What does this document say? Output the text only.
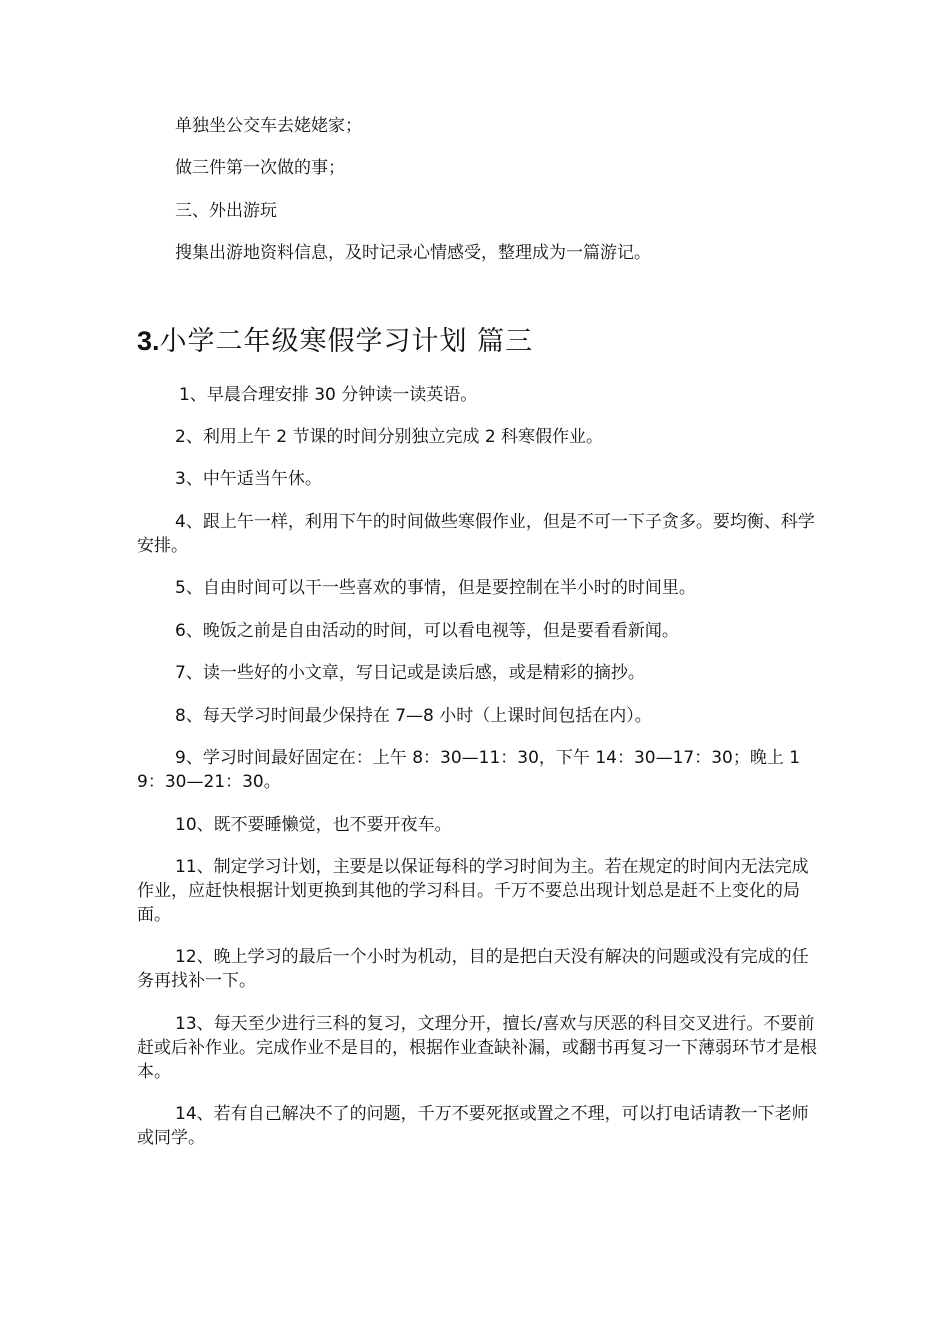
单独坐公交车去姥姥家；

做三件第一次做的事；

三、外出游玩

搜集出游地资料信息，及时记录心情感受，整理成为一篇游记。

3.小学二年级寒假学习计划 篇三

1、早晨合理安排 30 分钟读一读英语。

2、利用上午 2 节课的时间分别独立完成 2 科寒假作业。

3、中午适当午休。

4、跟上午一样，利用下午的时间做些寒假作业，但是不可一下子贪多。要均衡、科学安排。

5、自由时间可以干一些喜欢的事情，但是要控制在半小时的时间里。

6、晚饭之前是自由活动的时间，可以看电视等，但是要看看新闻。

7、读一些好的小文章，写日记或是读后感，或是精彩的摘抄。

8、每天学习时间最少保持在 7—8 小时（上课时间包括在内）。

9、学习时间最好固定在：上午 8：30—11：30，下午 14：30—17：30；晚上 19：30—21：30。

10、既不要睡懒觉，也不要开夜车。

11、制定学习计划，主要是以保证每科的学习时间为主。若在规定的时间内无法完成作业，应赶快根据计划更换到其他的学习科目。千万不要总出现计划总是赶不上变化的局面。

12、晚上学习的最后一个小时为机动，目的是把白天没有解决的问题或没有完成的任务再找补一下。

13、每天至少进行三科的复习，文理分开，擅长/喜欢与厌恶的科目交叉进行。不要前赶或后补作业。完成作业不是目的，根据作业查缺补漏，或翻书再复习一下薄弱环节才是根本。

14、若有自己解决不了的问题，千万不要死抠或置之不理，可以打电话请教一下老师或同学。
